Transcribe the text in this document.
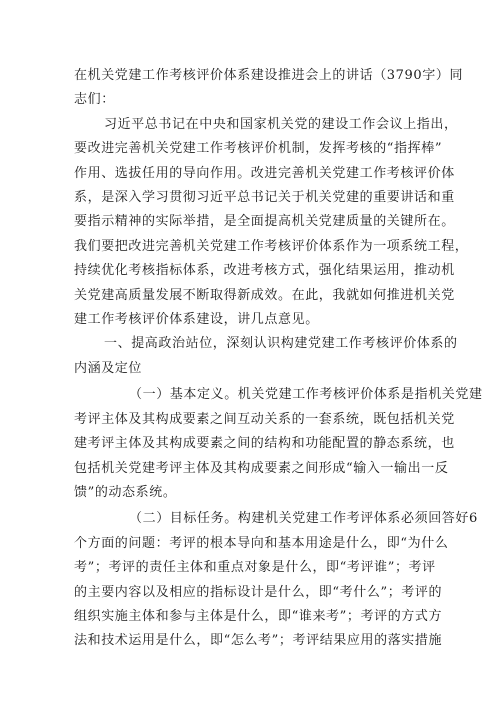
在机关党建工作考核评价体系建设推进会上的讲话（3790字）同
志们：
习近平总书记在中央和国家机关党的建设工作会议上指出，
要改进完善机关党建工作考核评价机制，发挥考核的“指挥棒”
作用、选拔任用的导向作用。改进完善机关党建工作考核评价体
系，是深入学习贯彻习近平总书记关于机关党建的重要讲话和重
要指示精神的实际举措，是全面提高机关党建质量的关键所在。
我们要把改进完善机关党建工作考核评价体系作为一项系统工程，
持续优化考核指标体系，改进考核方式，强化结果运用，推动机
关党建高质量发展不断取得新成效。在此，我就如何推进机关党
建工作考核评价体系建设，讲几点意见。
一、提高政治站位，深刻认识构建党建工作考核评价体系的
内涵及定位
（一）基本定义。机关党建工作考核评价体系是指机关党建
考评主体及其构成要素之间互动关系的一套系统，既包括机关党
建考评主体及其构成要素之间的结构和功能配置的静态系统，也
包括机关党建考评主体及其构成要素之间形成“输入一输出一反
馈”的动态系统。
（二）目标任务。构建机关党建工作考评体系必须回答好6
个方面的问题：考评的根本导向和基本用途是什么，即“为什么
考”；考评的责任主体和重点对象是什么，即“考评谁”；考评
的主要内容以及相应的指标设计是什么，即“考什么”；考评的
组织实施主体和参与主体是什么，即“谁来考”；考评的方式方
法和技术运用是什么，即“怎么考”；考评结果应用的落实措施
